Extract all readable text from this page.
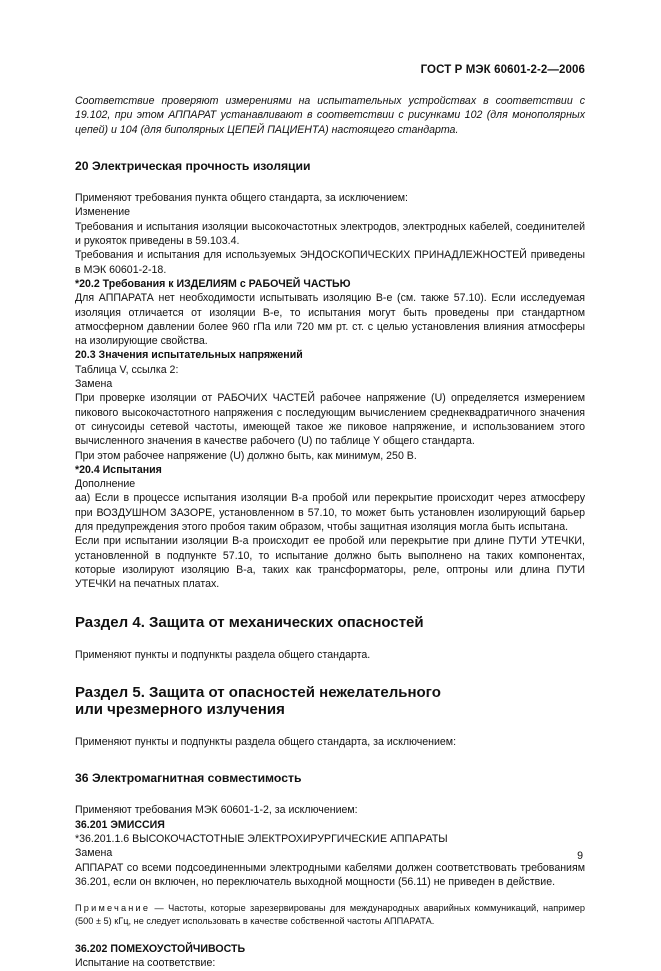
ГОСТ Р МЭК 60601-2-2—2006

Соответствие проверяют измерениями на испытательных устройствах в соответствии с 19.102, при этом АППАРАТ устанавливают в соответствии с рисунками 102 (для монополярных цепей) и 104 (для биполярных ЦЕПЕЙ ПАЦИЕНТА) настоящего стандарта.

20 Электрическая прочность изоляции

Применяют требования пункта общего стандарта, за исключением:

Изменение

Требования и испытания изоляции высокочастотных электродов, электродных кабелей, соединителей и рукояток приведены в 59.103.4.

Требования и испытания для используемых ЭНДОСКОПИЧЕСКИХ ПРИНАДЛЕЖНОСТЕЙ приведены в МЭК 60601-2-18.

*20.2 Требования к ИЗДЕЛИЯМ с РАБОЧЕЙ ЧАСТЬЮ

Для АППАРАТА нет необходимости испытывать изоляцию В-е (см. также 57.10). Если исследуемая изоляция отличается от изоляции В-е, то испытания могут быть проведены при стандартном атмосферном давлении более 960 гПа или 720 мм рт. ст. с целью установления влияния атмосферы на изолирующие свойства.

20.3 Значения испытательных напряжений

Таблица V, ссылка 2:

Замена

При проверке изоляции от РАБОЧИХ ЧАСТЕЙ рабочее напряжение (U) определяется измерением пикового высокочастотного напряжения с последующим вычислением среднеквадратичного значения от синусоиды сетевой частоты, имеющей такое же пиковое напряжение, и использованием этого вычисленного значения в качестве рабочего (U) по таблице Y общего стандарта.

При этом рабочее напряжение (U) должно быть, как минимум, 250 В.

*20.4 Испытания

Дополнение

аа) Если в процессе испытания изоляции В-а пробой или перекрытие происходит через атмосферу при ВОЗДУШНОМ ЗАЗОРЕ, установленном в 57.10, то может быть установлен изолирующий барьер для предупреждения этого пробоя таким образом, чтобы защитная изоляция могла быть испытана.

Если при испытании изоляции В-а происходит ее пробой или перекрытие при длине ПУТИ УТЕЧКИ, установленной в подпункте 57.10, то испытание должно быть выполнено на таких компонентах, которые изолируют изоляцию В-а, таких как трансформаторы, реле, оптроны или длина ПУТИ УТЕЧКИ на печатных платах.

Раздел 4. Защита от механических опасностей

Применяют пункты и подпункты раздела общего стандарта.

Раздел 5. Защита от опасностей нежелательного

или чрезмерного излучения

Применяют пункты и подпункты раздела общего стандарта, за исключением:

36 Электромагнитная совместимость

Применяют требования МЭК 60601-1-2, за исключением:

36.201 ЭМИССИЯ

*36.201.1.6 ВЫСОКОЧАСТОТНЫЕ ЭЛЕКТРОХИРУРГИЧЕСКИЕ АППАРАТЫ

Замена

АППАРАТ со всеми подсоединенными электродными кабелями должен соответствовать требованиям 36.201, если он включен, но переключатель выходной мощности (56.11) не приведен в действие.

Примечание — Частоты, которые зарезервированы для международных аварийных коммуникаций, например (500 ± 5) кГц, не следует использовать в качестве собственной частоты АППАРАТА.

36.202 ПОМЕХОУСТОЙЧИВОСТЬ

Испытание на соответствие:

9
